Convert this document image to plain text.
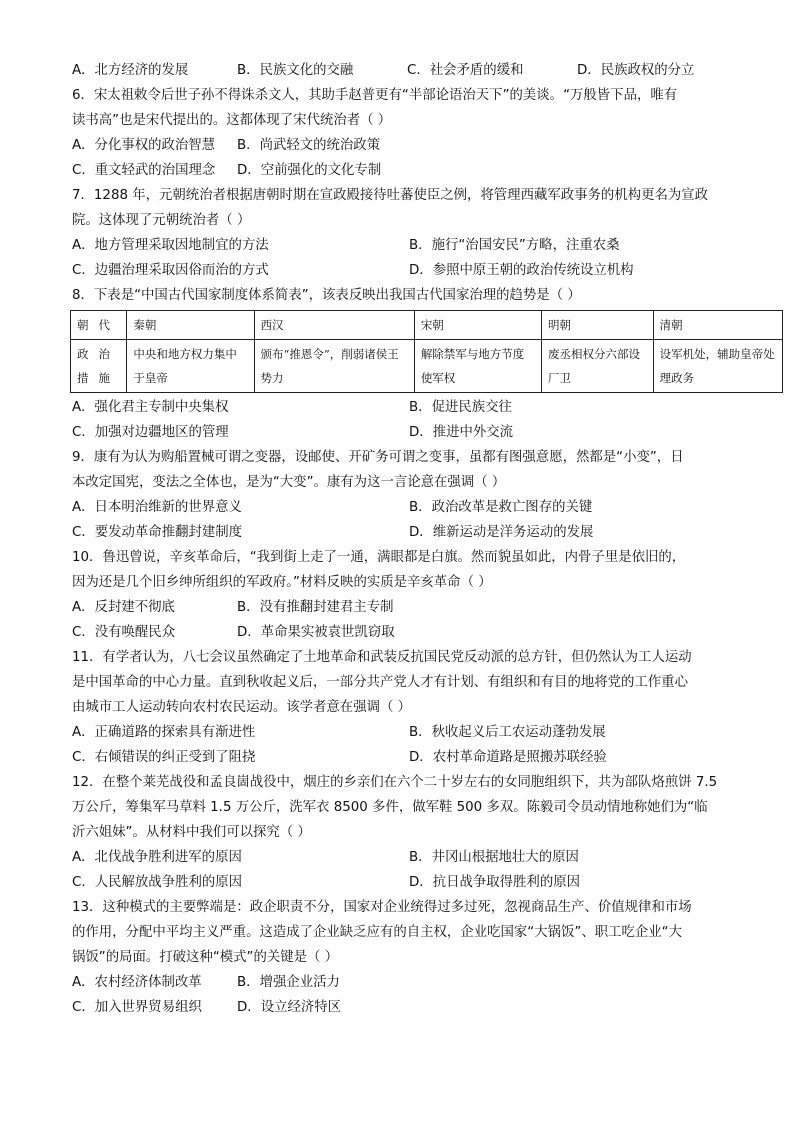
A．北方经济的发展	B．民族文化的交融	C．社会矛盾的缓和	D．民族政权的分立
6．宋太祖敕令后世子孙不得诛杀文人，其助手赵普更有“半部论语治天下”的美谈。“万般皆下品，唯有
读书高”也是宋代提出的。这都体现了宋代统治者（ ）
A．分化事权的政治智慧	B．尚武轻文的统治政策
C．重文轻武的治国理念	D．空前强化的文化专制
7．1288 年，元朝统治者根据唐朝时期在宣政殿接待吐蕃使臣之例，将管理西藏军政事务的机构更名为宣政
院。这体现了元朝统治者（ ）
A．地方管理采取因地制宜的方法	B．施行“治国安民”方略，注重农桑
C．边疆治理采取因俗而治的方式	D．参照中原王朝的政治传统设立机构
8．下表是“中国古代国家制度体系简表”，该表反映出我国古代国家治理的趋势是（ ）
朝代	秦朝	西汉	宋朝	明朝	清朝
政治措施	中央和地方权力集中于皇帝	颁布“推恩令”，削弱诸侯王势力	解除禁军与地方节度使军权	废丞相权分六部设厂卫	设军机处，辅助皇帝处理政务
A．强化君主专制中央集权	B．促进民族交往
C．加强对边疆地区的管理	D．推进中外交流
9．康有为认为购船置械可谓之变器，设邮使、开矿务可谓之变事，虽都有图强意愿，然都是“小变”，日
本改定国宪，变法之全体也，是为“大变”。康有为这一言论意在强调（ ）
A．日本明治维新的世界意义	B．政治改革是救亡图存的关键
C．要发动革命推翻封建制度	D．维新运动是洋务运动的发展
10．鲁迅曾说，辛亥革命后，“我到街上走了一通，满眼都是白旗。然而貌虽如此，内骨子里是依旧的，
因为还是几个旧乡绅所组织的军政府。”材料反映的实质是辛亥革命（ ）
A．反封建不彻底	B．没有推翻封建君主专制
C．没有唤醒民众	D．革命果实被袁世凯窃取
11．有学者认为，八七会议虽然确定了土地革命和武装反抗国民党反动派的总方针，但仍然认为工人运动
是中国革命的中心力量。直到秋收起义后，一部分共产党人才有计划、有组织和有目的地将党的工作重心
由城市工人运动转向农村农民运动。该学者意在强调（ ）
A．正确道路的探索具有渐进性	B．秋收起义后工农运动蓬勃发展
C．右倾错误的纠正受到了阻挠	D．农村革命道路是照搬苏联经验
12．在整个莱芜战役和孟良崮战役中，烟庄的乡亲们在六个二十岁左右的女同胞组织下，共为部队烙煎饼 7.5
万公斤，筹集军马草料 1.5 万公斤，洗军衣 8500 多件，做军鞋 500 多双。陈毅司令员动情地称她们为“临
沂六姐妹”。从材料中我们可以探究（ ）
A．北伐战争胜利进军的原因	B．井冈山根据地壮大的原因
C．人民解放战争胜利的原因	D．抗日战争取得胜利的原因
13．这种模式的主要弊端是：政企职责不分，国家对企业统得过多过死，忽视商品生产、价值规律和市场
的作用，分配中平均主义严重。这造成了企业缺乏应有的自主权，企业吃国家“大锅饭”、职工吃企业“大
锅饭”的局面。打破这种“模式”的关键是（ ）
A．农村经济体制改革	B．增强企业活力
C．加入世界贸易组织	D．设立经济特区
